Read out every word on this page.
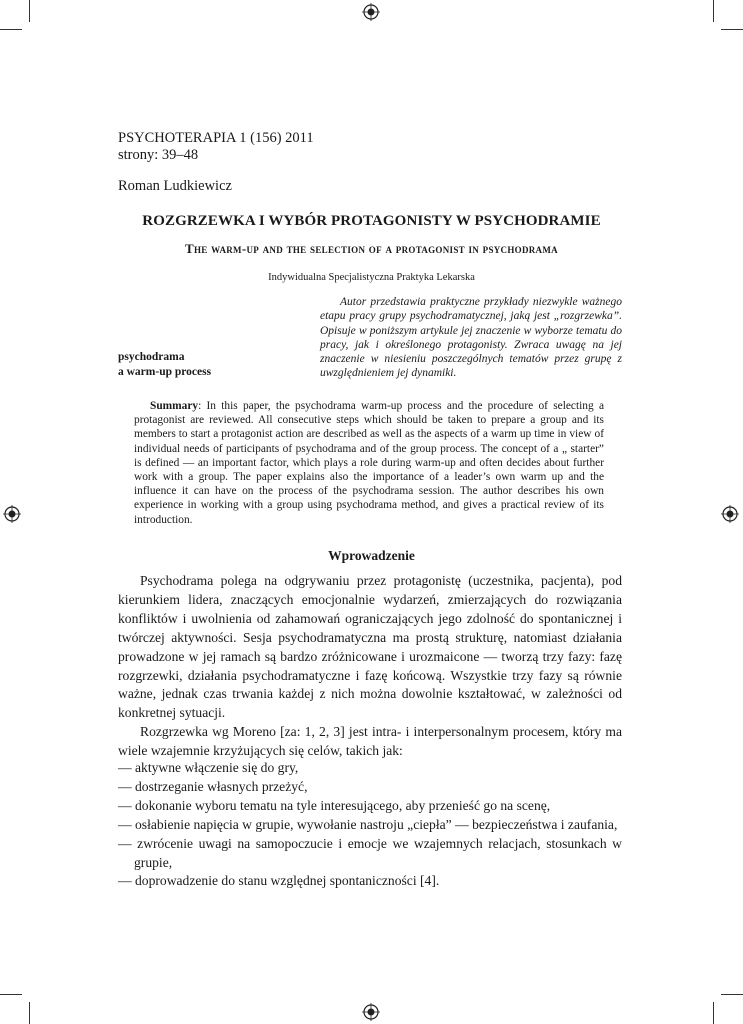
PSYCHOTERAPIA 1 (156) 2011
strony: 39–48
Roman Ludkiewicz
ROZGRZEWKA I WYBÓR PROTAGONISTY W PSYCHODRAMIE
The warm-up and the selection of a protagonist in psychodrama
Indywidualna Specjalistyczna Praktyka Lekarska
Autor przedstawia praktyczne przykłady niezwykle ważnego etapu pracy grupy psychodramatycznej, jaką jest „rozgrzewka”. Opisuje w poniższym artykule jej znaczenie w wyborze tematu do pracy, jak i określonego protagonisty. Zwraca uwagę na jej znaczenie w niesieniu poszczególnych tematów przez grupę z uwzględnieniem jej dynamiki.
psychodrama
a warm-up process
Summary: In this paper, the psychodrama warm-up process and the procedure of selecting a protagonist are reviewed. All consecutive steps which should be taken to prepare a group and its members to start a protagonist action are described as well as the aspects of a warm up time in view of individual needs of participants of psychodrama and of the group process. The concept of a „ starter” is defined — an important factor, which plays a role during warm-up and often decides about further work with a group. The paper explains also the importance of a leader’s own warm up and the influence it can have on the process of the psychodrama session. The author describes his own experience in working with a group using psychodrama method, and gives a practical review of its introduction.
Wprowadzenie

Psychodrama polega na odgrywaniu przez protagonistę (uczestnika, pacjenta), pod kierunkiem lidera, znaczących emocjonalnie wydarzeń, zmierzających do rozwiązania konfliktów i uwolnienia od zahamowań ograniczających jego zdolność do spontanicznej i twórczej aktywności. Sesja psychodramatyczna ma prostą strukturę, natomiast działania prowadzone w jej ramach są bardzo zróżnicowane i urozmaicone — tworzą trzy fazy: fazę rozgrzewki, działania psychodramatyczne i fazę końcową. Wszystkie trzy fazy są równie ważne, jednak czas trwania każdej z nich można dowolnie kształtować, w zależności od konkretnej sytuacji.

Rozgrzewka wg Moreno [za: 1, 2, 3] jest intra- i interpersonalnym procesem, który ma wiele wzajemnie krzyżujących się celów, takich jak:

— aktywne włączenie się do gry,
— dostrzeganie własnych przeżyć,
— dokonanie wyboru tematu na tyle interesującego, aby przenieść go na scenę,
— osłabienie napięcia w grupie, wywołanie nastroju „ciepła” — bezpieczeństwa i zaufania,
— zwrócenie uwagi na samopoczucie i emocje we wzajemnych relacjach, stosunkach w grupie,
— doprowadzenie do stanu względnej spontaniczności [4].
